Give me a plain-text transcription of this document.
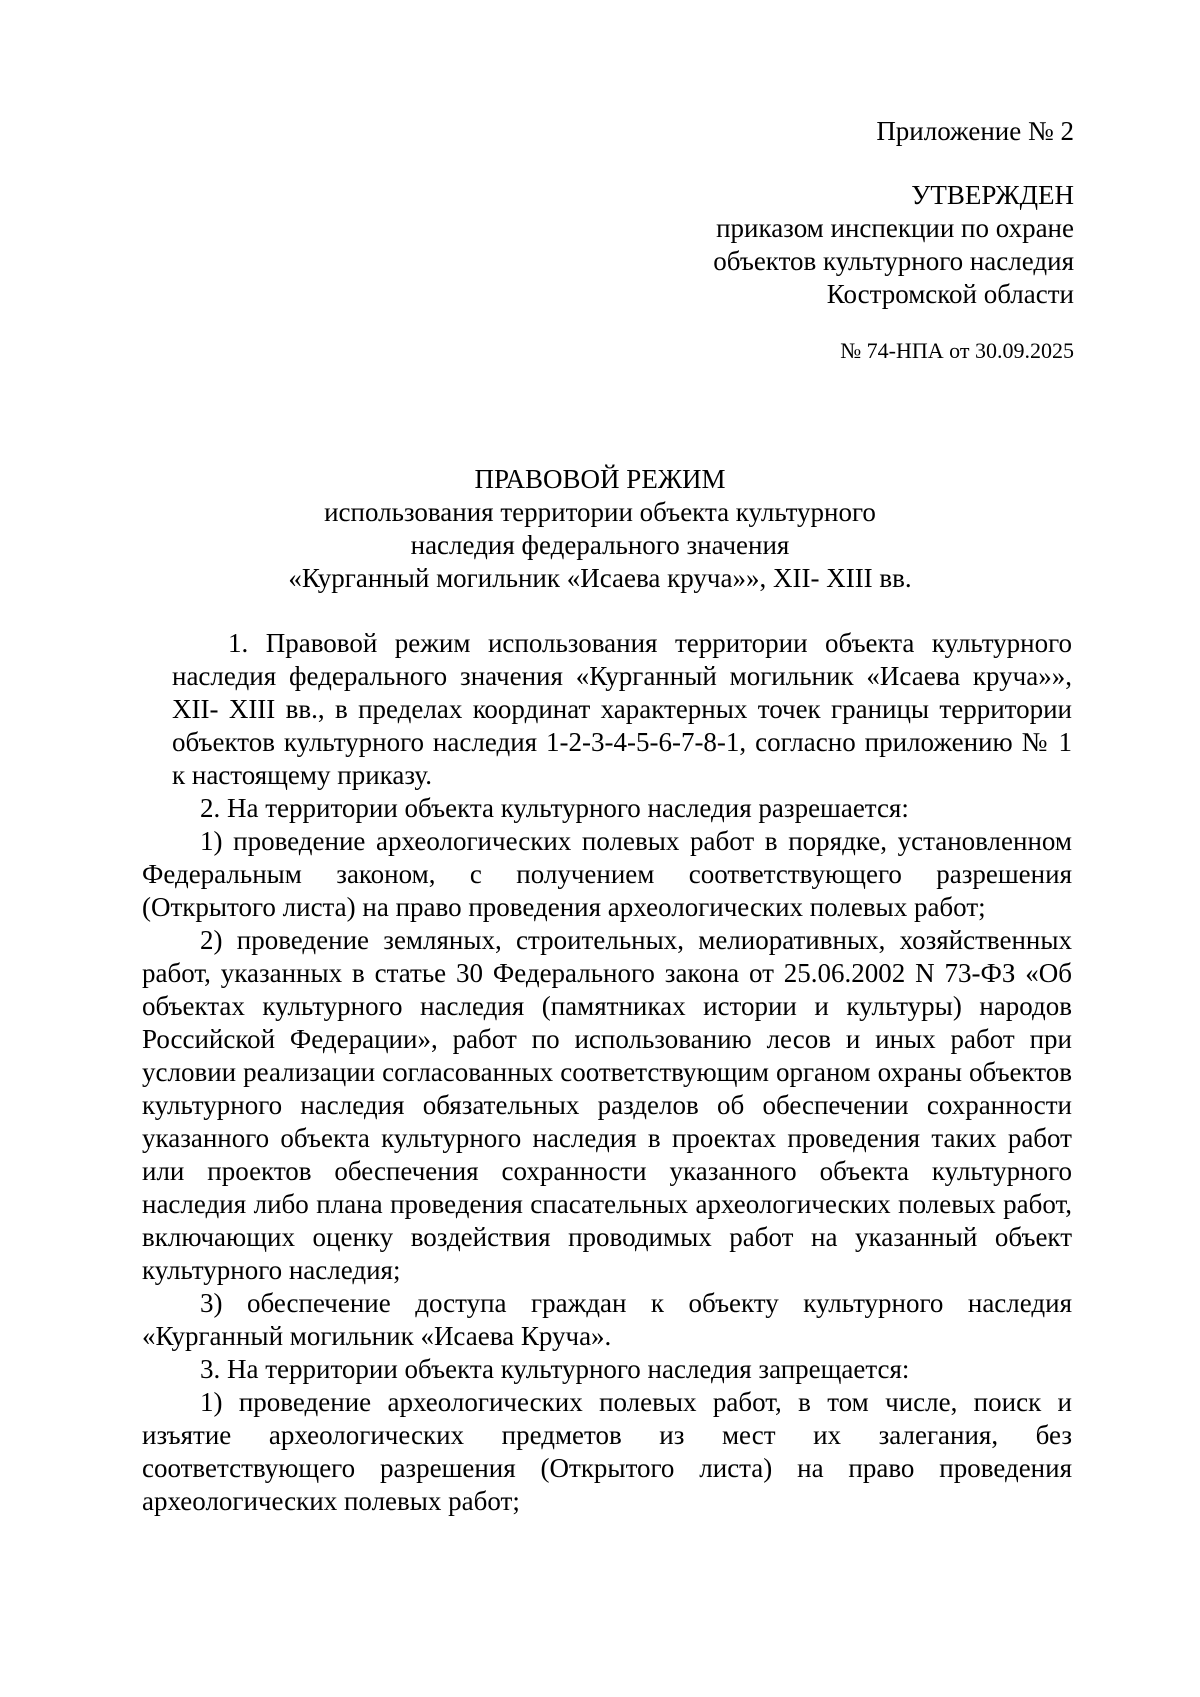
Приложение № 2
УТВЕРЖДЕН
приказом инспекции по охране
объектов культурного наследия
Костромской области
№ 74-НПА от 30.09.2025
ПРАВОВОЙ РЕЖИМ
использования территории объекта культурного
наследия федерального значения
«Курганный могильник «Исаева круча»», XII- XIII вв.

1. Правовой режим использования территории объекта культурного наследия федерального значения «Курганный могильник «Исаева круча»», XII- XIII вв., в пределах координат характерных точек границы территории объектов культурного наследия 1-2-3-4-5-6-7-8-1, согласно приложению № 1 к настоящему приказу.

2. На территории объекта культурного наследия разрешается:

1) проведение археологических полевых работ в порядке, установленном Федеральным законом, с получением соответствующего разрешения (Открытого листа) на право проведения археологических полевых работ;

2) проведение земляных, строительных, мелиоративных, хозяйственных работ, указанных в статье 30 Федерального закона от 25.06.2002 N 73-ФЗ «Об объектах культурного наследия (памятниках истории и культуры) народов Российской Федерации», работ по использованию лесов и иных работ при условии реализации согласованных соответствующим органом охраны объектов культурного наследия обязательных разделов об обеспечении сохранности указанного объекта культурного наследия в проектах проведения таких работ или проектов обеспечения сохранности указанного объекта культурного наследия либо плана проведения спасательных археологических полевых работ, включающих оценку воздействия проводимых работ на указанный объект культурного наследия;

3) обеспечение доступа граждан к объекту культурного наследия «Курганный могильник «Исаева Круча».

3. На территории объекта культурного наследия запрещается:

1) проведение археологических полевых работ, в том числе, поиск и изъятие археологических предметов из мест их залегания, без соответствующего разрешения (Открытого листа) на право проведения археологических полевых работ;
